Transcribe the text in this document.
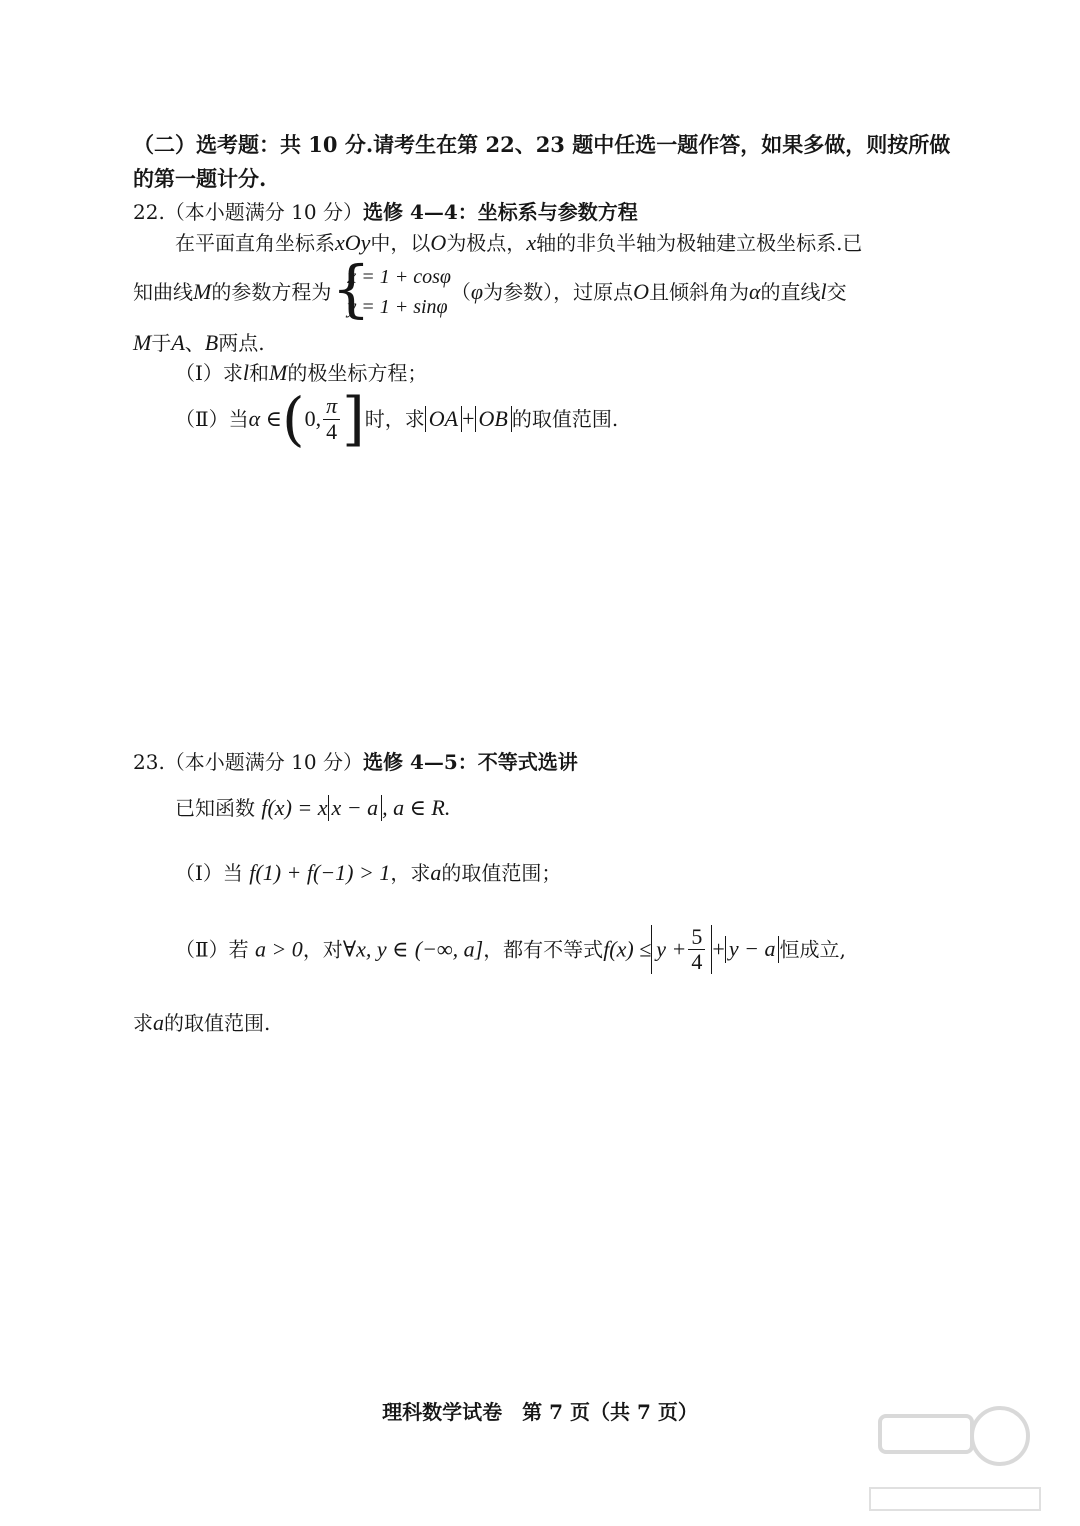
（二）选考题：共 10 分.请考生在第 22、23 题中任选一题作答，如果多做，则按所做
的第一题计分.
22.（本小题满分 10 分）选修 4—4：坐标系与参数方程
在平面直角坐标系xOy中，以O为极点，x轴的非负半轴为极轴建立极坐标系.已
知曲线M的参数方程为 {
x = 1 + cosφ
y = 1 + sinφ
（φ为参数），过原点O且倾斜角为α的直线l交
M于A、B两点.
（Ⅰ）求l和M的极坐标方程；
（Ⅱ）当α ∈(0, $\frac{\pi}{4}$ ]时，求 OA + OB 的取值范围.
23.（本小题满分 10 分）选修 4—5：不等式选讲
已知函数 f(x) = x x − a , a ∈ R.
（Ⅰ）当 f(1) + f(−1) > 1，求a的取值范围；
（Ⅱ）若 a > 0，对∀x, y ∈ (−∞, a]，都有不等式$f(x) \le y + \frac{5}{4} + y - a$ 恒成立,
求a的取值范围.
理科数学试卷　第 7 页（共 7 页）
